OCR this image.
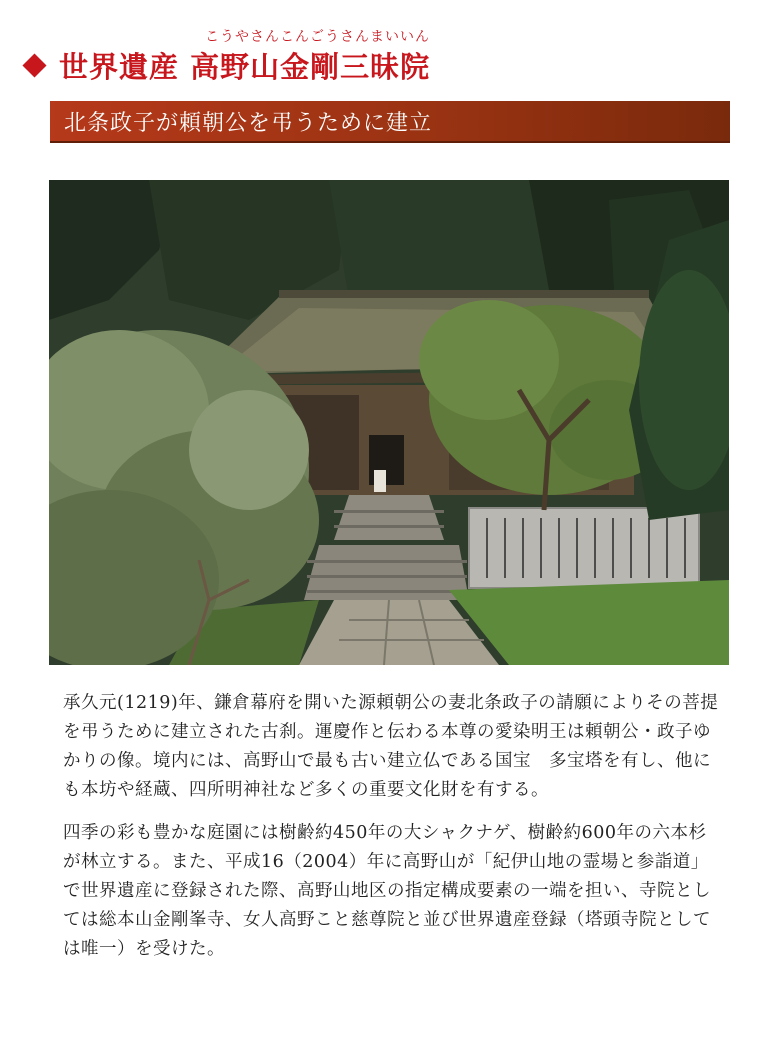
こうやさんこんごうさんまいいん
世界遺産 高野山金剛三昧院
北条政子が頼朝公を弔うために建立

承久元(1219)年、鎌倉幕府を開いた源頼朝公の妻北条政子の請願によりその菩提を弔うために建立された古刹。運慶作と伝わる本尊の愛染明王は頼朝公・政子ゆかりの像。境内には、高野山で最も古い建立仏である国宝　多宝塔を有し、他にも本坊や経蔵、四所明神社など多くの重要文化財を有する。

四季の彩も豊かな庭園には樹齢約450年の大シャクナゲ、樹齢約600年の六本杉が林立する。また、平成16（2004）年に高野山が「紀伊山地の霊場と参詣道」で世界遺産に登録された際、高野山地区の指定構成要素の一端を担い、寺院としては総本山金剛峯寺、女人高野こと慈尊院と並び世界遺産登録（塔頭寺院としては唯一）を受けた。
